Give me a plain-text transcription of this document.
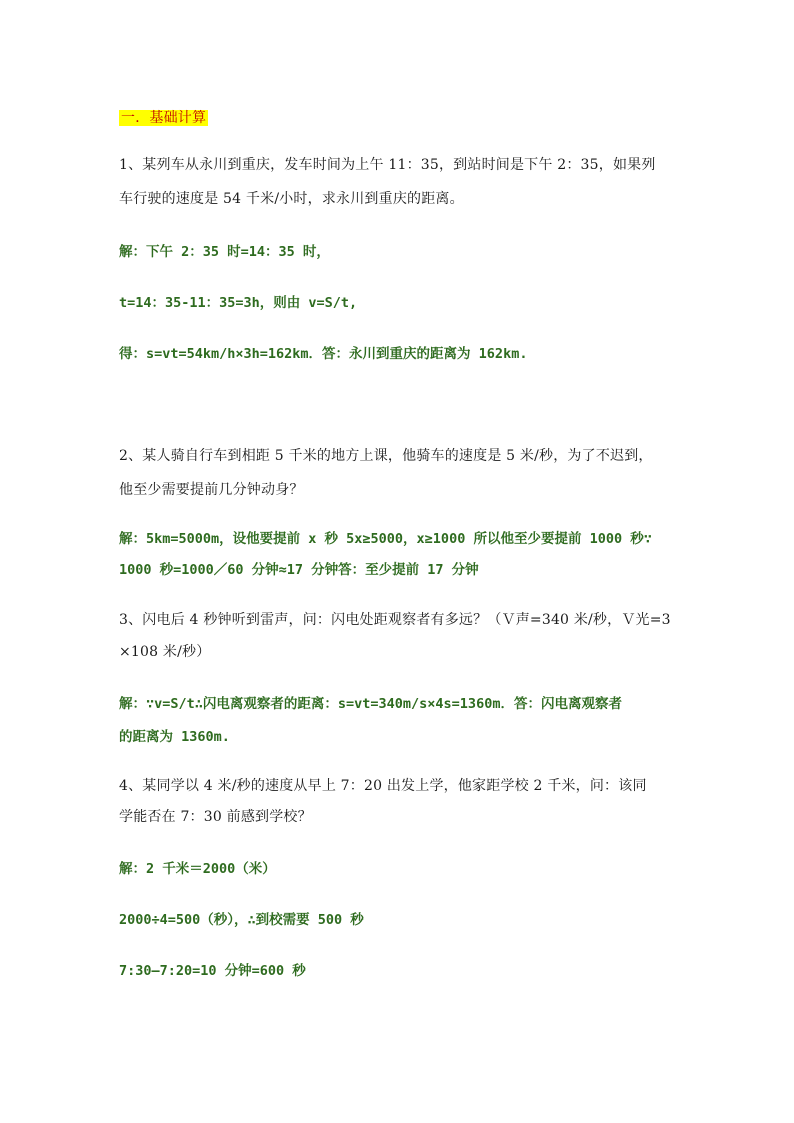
一．基础计算
1、某列车从永川到重庆，发车时间为上午 11：35，到站时间是下午 2：35，如果列
车行驶的速度是 54 千米/小时，求永川到重庆的距离。
解：下午 2：35 时=14：35 时，
t=14：35-11：35=3h，则由 v=S/t,
得：s=vt=54km/h×3h=162km．答：永川到重庆的距离为 162km.
2、某人骑自行车到相距 5 千米的地方上课，他骑车的速度是 5 米/秒，为了不迟到，
他至少需要提前几分钟动身？
解：5km=5000m，设他要提前 x 秒 5x≥5000，x≥1000 所以他至少要提前 1000 秒∵
1000 秒=1000／60 分钟≈17 分钟答：至少提前 17 分钟
3、闪电后 4 秒钟听到雷声，问：闪电处距观察者有多远？（Ｖ声=340 米/秒，Ｖ光=3
×108 米/秒）
解：∵v=S/t∴闪电离观察者的距离：s=vt=340m/s×4s=1360m．答：闪电离观察者
的距离为 1360m.
4、某同学以 4 米/秒的速度从早上 7：20 出发上学，他家距学校 2 千米，问：该同
学能否在 7：30 前感到学校？
解：2 千米＝2000（米）
2000÷4=500（秒），∴到校需要 500 秒
7:30—7:20=10 分钟=600 秒
